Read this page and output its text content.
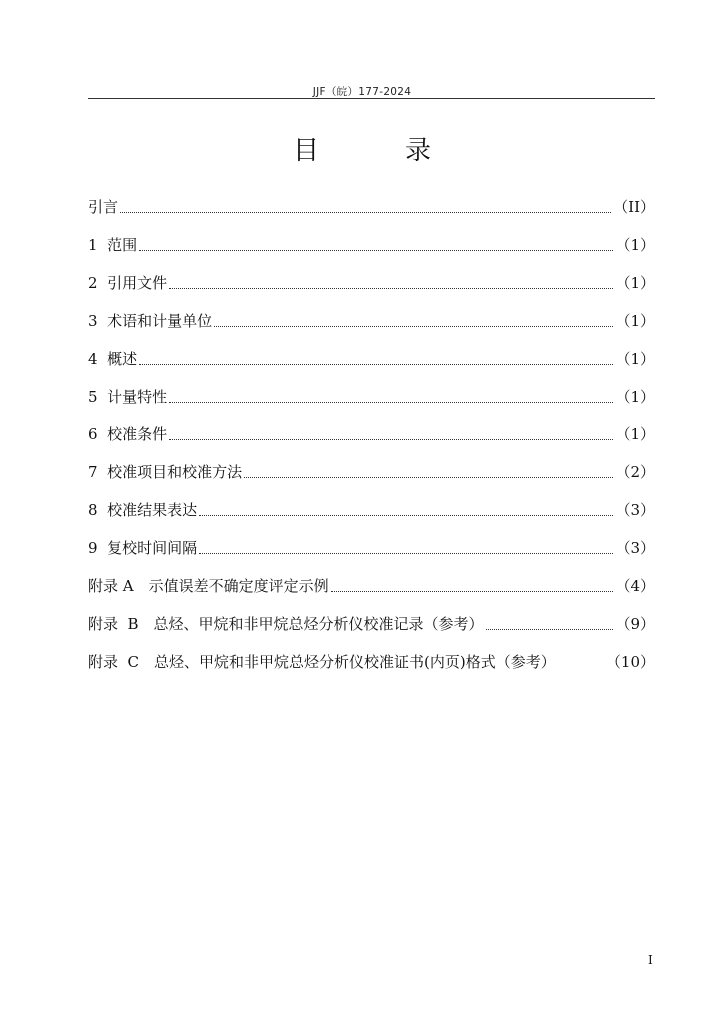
JJF（皖）177-2024
目　录
引言	（II）
1  范围	（1）
2  引用文件	（1）
3  术语和计量单位	（1）
4  概述	（1）
5  计量特性	（1）
6  校准条件	（1）
7  校准项目和校准方法	（2）
8  校准结果表达	（3）
9  复校时间间隔	（3）
附录 A　示值误差不确定度评定示例	（4）
附录  B　总烃、甲烷和非甲烷总烃分析仪校准记录（参考）	（9）
附录  C　总烃、甲烷和非甲烷总烃分析仪校准证书(内页)格式（参考）	（10）
I
